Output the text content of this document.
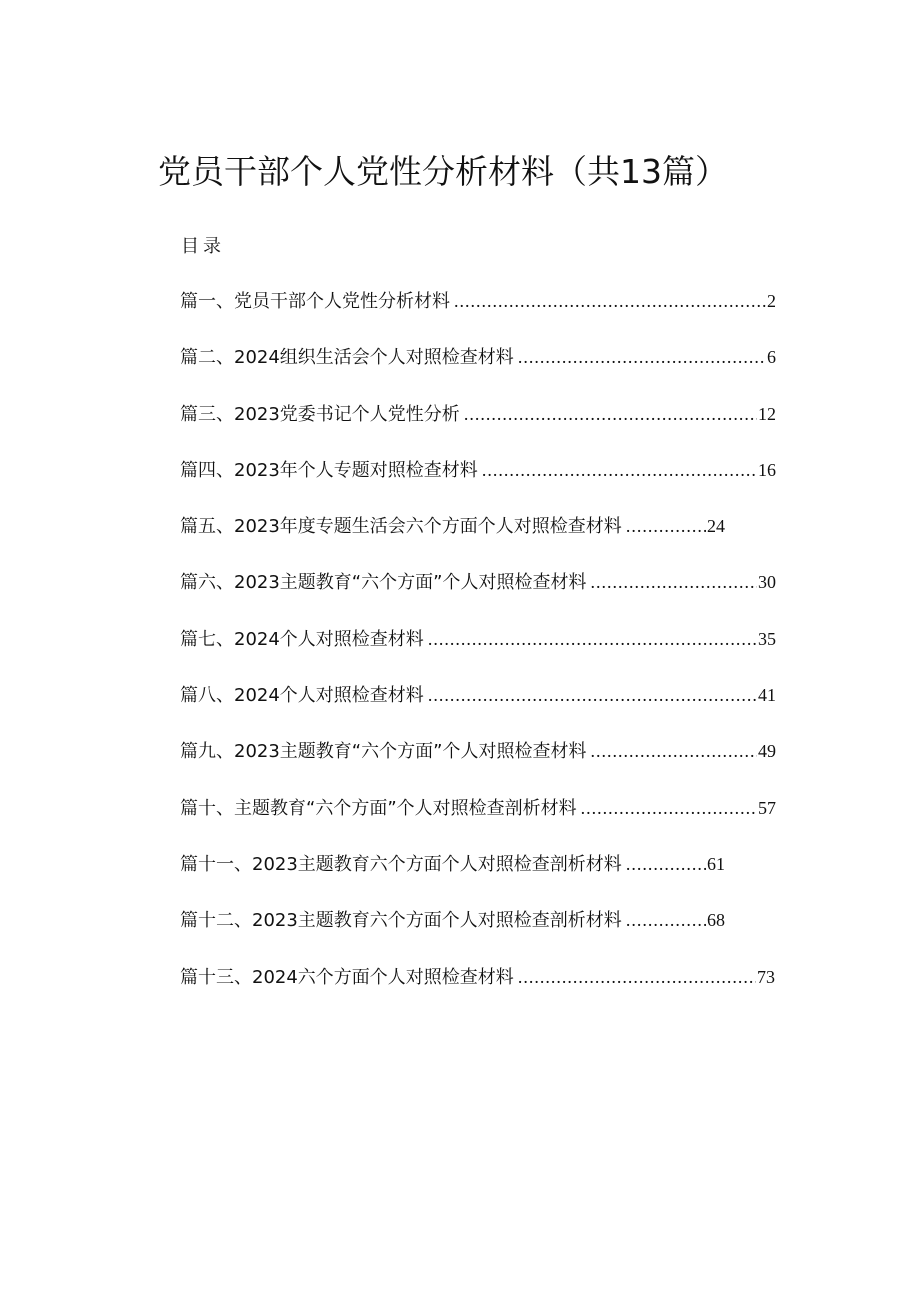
党员干部个人党性分析材料（共13篇）
目录
篇一、党员干部个人党性分析材料 .....	2
篇二、2024组织生活会个人对照检查材料 .....	6
篇三、2023党委书记个人党性分析 .....	12
篇四、2023年个人专题对照检查材料 .....	16
篇五、2023年度专题生活会六个方面个人对照检查材料 .....	24
篇六、2023主题教育“六个方面”个人对照检查材料 .....	30
篇七、2024个人对照检查材料 .....	35
篇八、2024个人对照检查材料 .....	41
篇九、2023主题教育“六个方面”个人对照检查材料 .....	49
篇十、主题教育“六个方面”个人对照检查剖析材料 .....	57
篇十一、2023主题教育六个方面个人对照检查剖析材料 .....	61
篇十二、2023主题教育六个方面个人对照检查剖析材料 .....	68
篇十三、2024六个方面个人对照检查材料 .....	73
